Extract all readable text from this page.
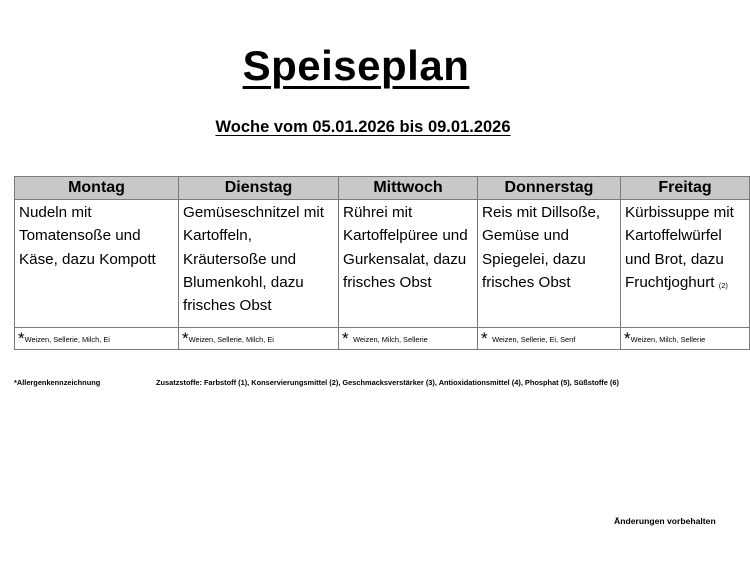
Speiseplan
Woche vom 05.01.2026 bis 09.01.2026
Montag	Dienstag	Mittwoch	Donnerstag	Freitag
Nudeln mit Tomatensoße und Käse, dazu Kompott	Gemüseschnitzel mit Kartoffeln, Kräutersoße und Blumenkohl, dazu frisches Obst	Rührei mit Kartoffelpüree und Gurkensalat, dazu frisches Obst	Reis mit Dillsoße, Gemüse und Spiegelei, dazu frisches Obst	Kürbissuppe mit Kartoffelwürfel und Brot, dazu Fruchtjoghurt (2)
*Weizen, Sellerie, Milch, Ei	*Weizen, Sellerie, Milch, Ei	* Weizen, Milch, Sellerie	* Weizen, Sellerie, Ei, Senf	*Weizen, Milch, Sellerie
*Allergenkennzeichnung	Zusatzstoffe: Farbstoff (1), Konservierungsmittel (2), Geschmacksverstärker (3), Antioxidationsmittel (4), Phosphat (5), Süßstoffe (6)
Änderungen vorbehalten
